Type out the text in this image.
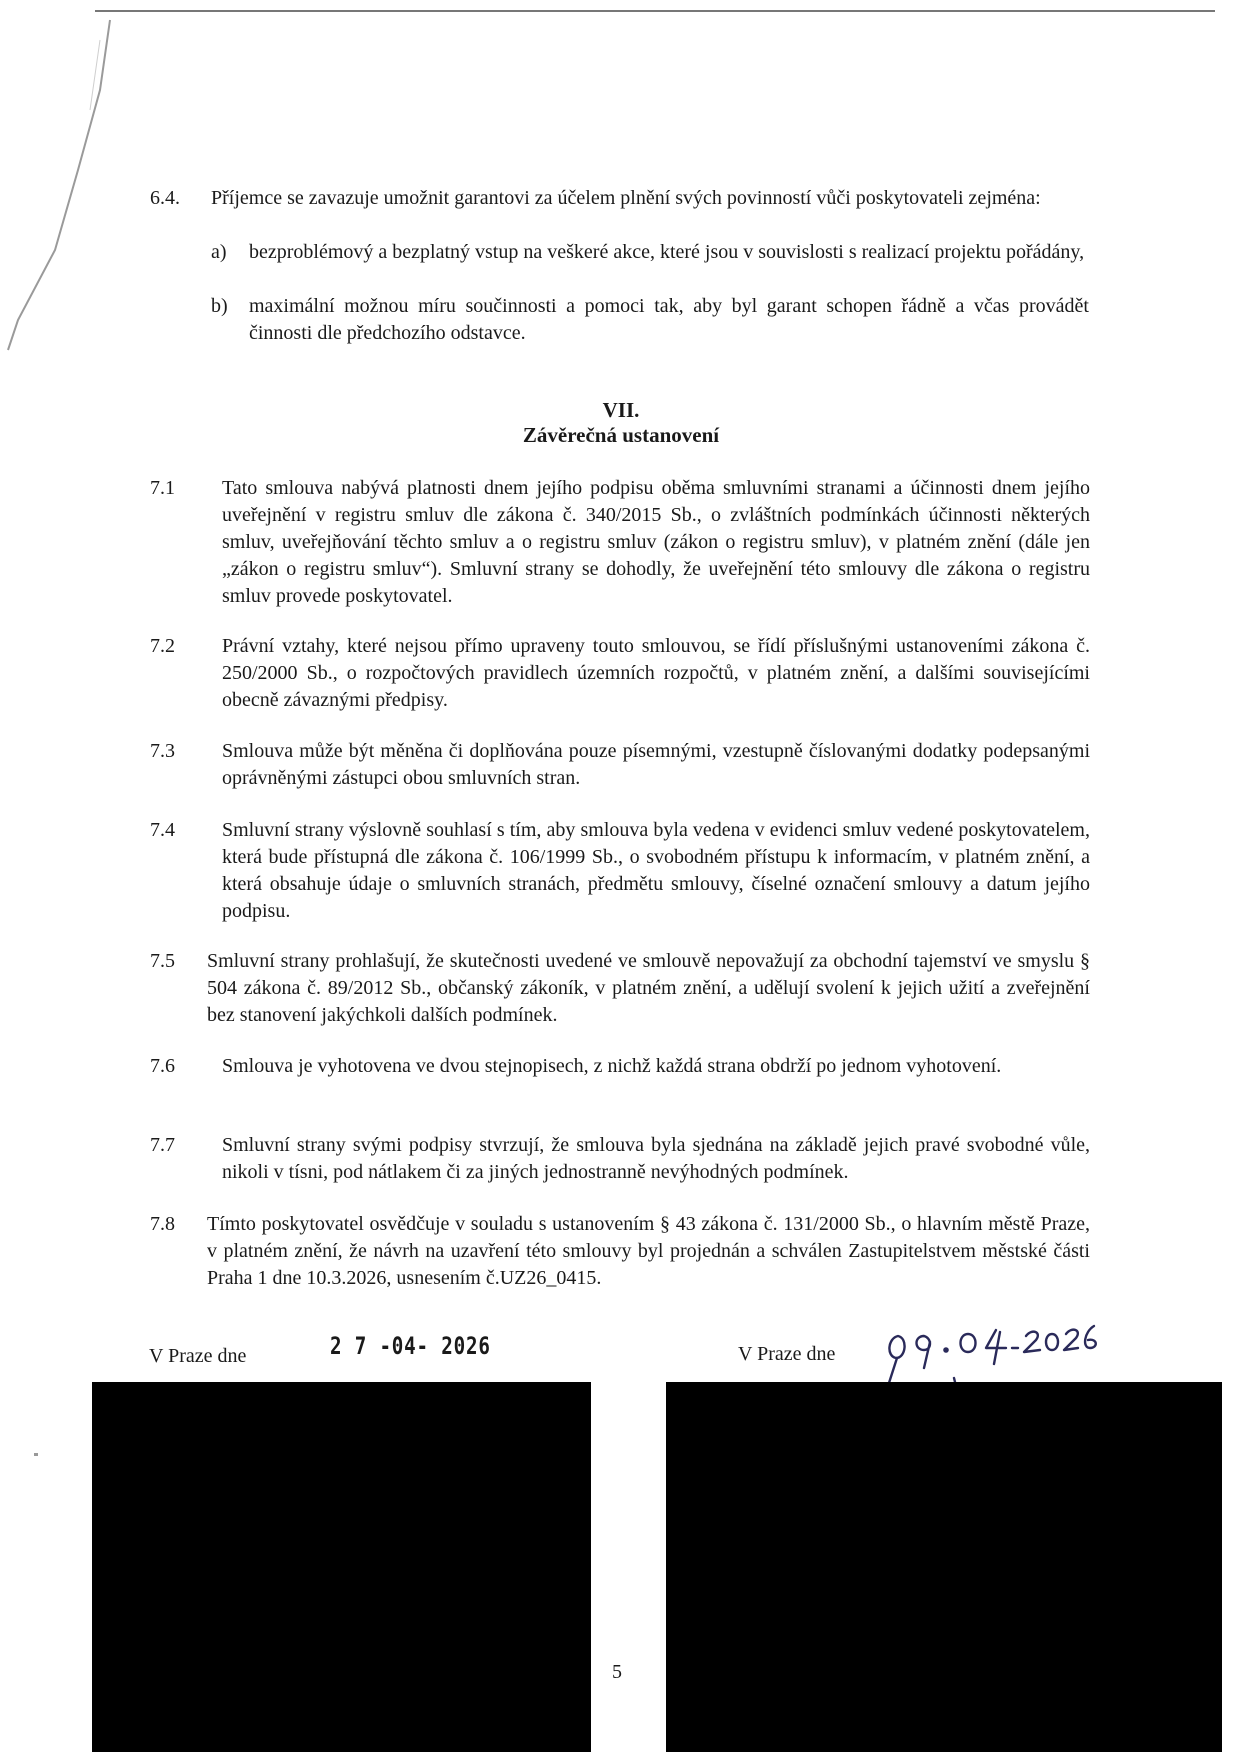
6.4. Příjemce se zavazuje umožnit garantovi za účelem plnění svých povinností vůči poskytovateli zejména:
a) bezproblémový a bezplatný vstup na veškeré akce, které jsou v souvislosti s realizací projektu pořádány,
b) maximální možnou míru součinnosti a pomoci tak, aby byl garant schopen řádně a včas provádět činnosti dle předchozího odstavce.
VII.
Závěrečná ustanovení
7.1 Tato smlouva nabývá platnosti dnem jejího podpisu oběma smluvními stranami a účinnosti dnem jejího uveřejnění v registru smluv dle zákona č. 340/2015 Sb., o zvláštních podmínkách účinnosti některých smluv, uveřejňování těchto smluv a o registru smluv (zákon o registru smluv), v platném znění (dále jen „zákon o registru smluv“). Smluvní strany se dohodly, že uveřejnění této smlouvy dle zákona o registru smluv provede poskytovatel.
7.2 Právní vztahy, které nejsou přímo upraveny touto smlouvou, se řídí příslušnými ustanoveními zákona č. 250/2000 Sb., o rozpočtových pravidlech územních rozpočtů, v platném znění, a dalšími souvisejícími obecně závaznými předpisy.
7.3 Smlouva může být měněna či doplňována pouze písemnými, vzestupně číslovanými dodatky podepsanými oprávněnými zástupci obou smluvních stran.
7.4 Smluvní strany výslovně souhlasí s tím, aby smlouva byla vedena v evidenci smluv vedené poskytovatelem, která bude přístupná dle zákona č. 106/1999 Sb., o svobodném přístupu k informacím, v platném znění, a která obsahuje údaje o smluvních stranách, předmětu smlouvy, číselné označení smlouvy a datum jejího podpisu.
7.5 Smluvní strany prohlašují, že skutečnosti uvedené ve smlouvě nepovažují za obchodní tajemství ve smyslu § 504 zákona č. 89/2012 Sb., občanský zákoník, v platném znění, a udělují svolení k jejich užití a zveřejnění bez stanovení jakýchkoli dalších podmínek.
7.6 Smlouva je vyhotovena ve dvou stejnopisech, z nichž každá strana obdrží po jednom vyhotovení.
7.7 Smluvní strany svými podpisy stvrzují, že smlouva byla sjednána na základě jejich pravé svobodné vůle, nikoli v tísni, pod nátlakem či za jiných jednostranně nevýhodných podmínek.
7.8 Tímto poskytovatel osvědčuje v souladu s ustanovením § 43 zákona č. 131/2000 Sb., o hlavním městě Praze, v platném znění, že návrh na uzavření této smlouvy byl projednán a schválen Zastupitelstvem městské části Praha 1 dne 10.3.2026, usnesením č.UZ26_0415.
V Praze dne	2 7 -04- 2026	V Praze dne
5
